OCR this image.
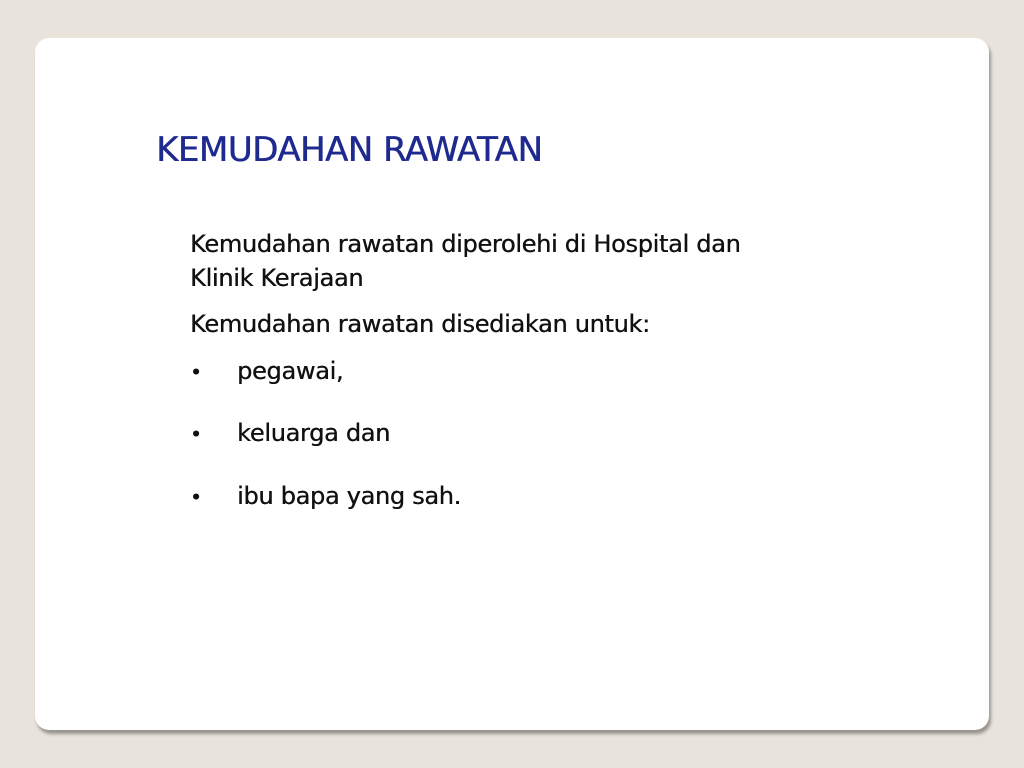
KEMUDAHAN RAWATAN

Kemudahan rawatan diperolehi di Hospital dan Klinik Kerajaan

Kemudahan rawatan disediakan untuk:

• pegawai,
• keluarga dan
• ibu bapa yang sah.
